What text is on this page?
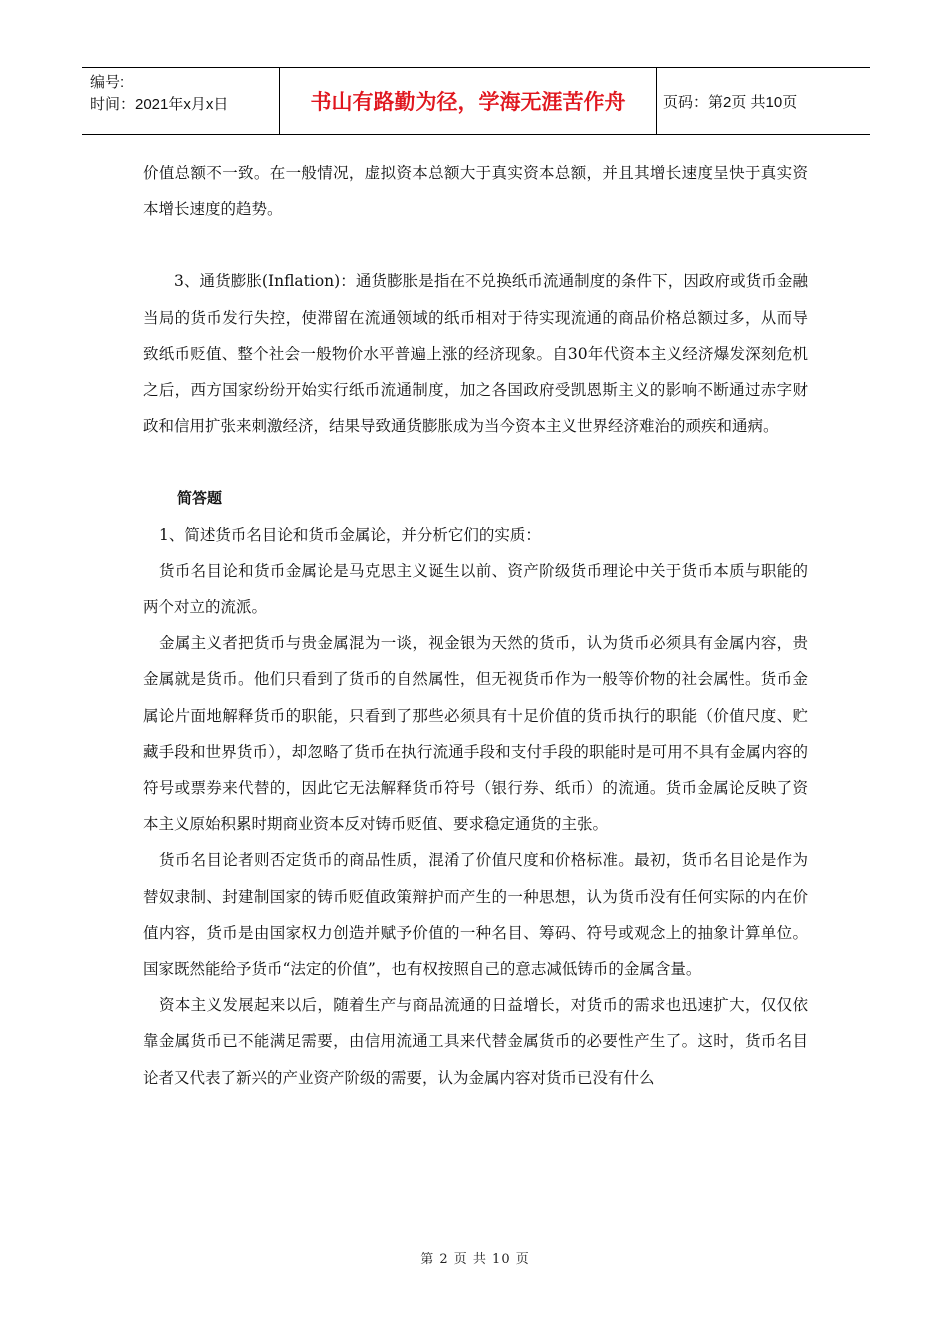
编号:
时间：2021年x月x日	书山有路勤为径，学海无涯苦作舟	页码：第2页 共10页

价值总额不一致。在一般情况，虚拟资本总额大于真实资本总额，并且其增长速度呈快于真实资本增长速度的趋势。

3、通货膨胀(Inflation)：通货膨胀是指在不兑换纸币流通制度的条件下，因政府或货币金融当局的货币发行失控，使滞留在流通领域的纸币相对于待实现流通的商品价格总额过多，从而导致纸币贬值、整个社会一般物价水平普遍上涨的经济现象。自30年代资本主义经济爆发深刻危机之后，西方国家纷纷开始实行纸币流通制度，加之各国政府受凯恩斯主义的影响不断通过赤字财政和信用扩张来刺激经济，结果导致通货膨胀成为当今资本主义世界经济难治的顽疾和通病。

简答题

1、简述货币名目论和货币金属论，并分析它们的实质：

货币名目论和货币金属论是马克思主义诞生以前、资产阶级货币理论中关于货币本质与职能的两个对立的流派。

金属主义者把货币与贵金属混为一谈，视金银为天然的货币，认为货币必须具有金属内容，贵金属就是货币。他们只看到了货币的自然属性，但无视货币作为一般等价物的社会属性。货币金属论片面地解释货币的职能，只看到了那些必须具有十足价值的货币执行的职能（价值尺度、贮藏手段和世界货币），却忽略了货币在执行流通手段和支付手段的职能时是可用不具有金属内容的符号或票券来代替的，因此它无法解释货币符号（银行券、纸币）的流通。货币金属论反映了资本主义原始积累时期商业资本反对铸币贬值、要求稳定通货的主张。

货币名目论者则否定货币的商品性质，混淆了价值尺度和价格标准。最初，货币名目论是作为替奴隶制、封建制国家的铸币贬值政策辩护而产生的一种思想，认为货币没有任何实际的内在价值内容，货币是由国家权力创造并赋予价值的一种名目、筹码、符号或观念上的抽象计算单位。国家既然能给予货币“法定的价值”，也有权按照自己的意志减低铸币的金属含量。

资本主义发展起来以后，随着生产与商品流通的日益增长，对货币的需求也迅速扩大，仅仅依靠金属货币已不能满足需要，由信用流通工具来代替金属货币的必要性产生了。这时，货币名目论者又代表了新兴的产业资产阶级的需要，认为金属内容对货币已没有什么

第 2 页 共 10 页
